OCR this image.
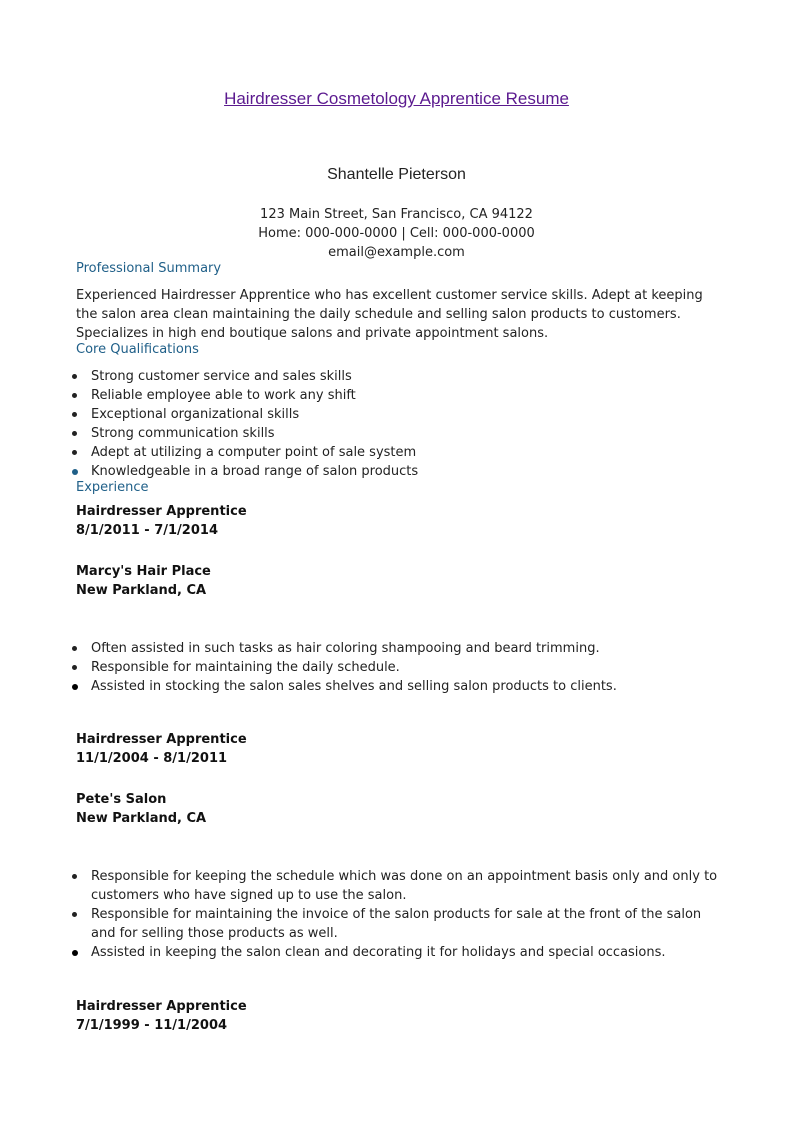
Hairdresser Cosmetology Apprentice Resume
Shantelle Pieterson
123 Main Street, San Francisco, CA 94122
Home: 000-000-0000 | Cell: 000-000-0000
email@example.com
Professional Summary
Experienced Hairdresser Apprentice who has excellent customer service skills. Adept at keeping the salon area clean maintaining the daily schedule and selling salon products to customers. Specializes in high end boutique salons and private appointment salons.
Core Qualifications
Strong customer service and sales skills
Reliable employee able to work any shift
Exceptional organizational skills
Strong communication skills
Adept at utilizing a computer point of sale system
Knowledgeable in a broad range of salon products
Experience
Hairdresser Apprentice
8/1/2011 - 7/1/2014
Marcy's Hair Place
New Parkland, CA
Often assisted in such tasks as hair coloring shampooing and beard trimming.
Responsible for maintaining the daily schedule.
Assisted in stocking the salon sales shelves and selling salon products to clients.
Hairdresser Apprentice
11/1/2004 - 8/1/2011
Pete's Salon
New Parkland, CA
Responsible for keeping the schedule which was done on an appointment basis only and only to customers who have signed up to use the salon.
Responsible for maintaining the invoice of the salon products for sale at the front of the salon and for selling those products as well.
Assisted in keeping the salon clean and decorating it for holidays and special occasions.
Hairdresser Apprentice
7/1/1999 - 11/1/2004
